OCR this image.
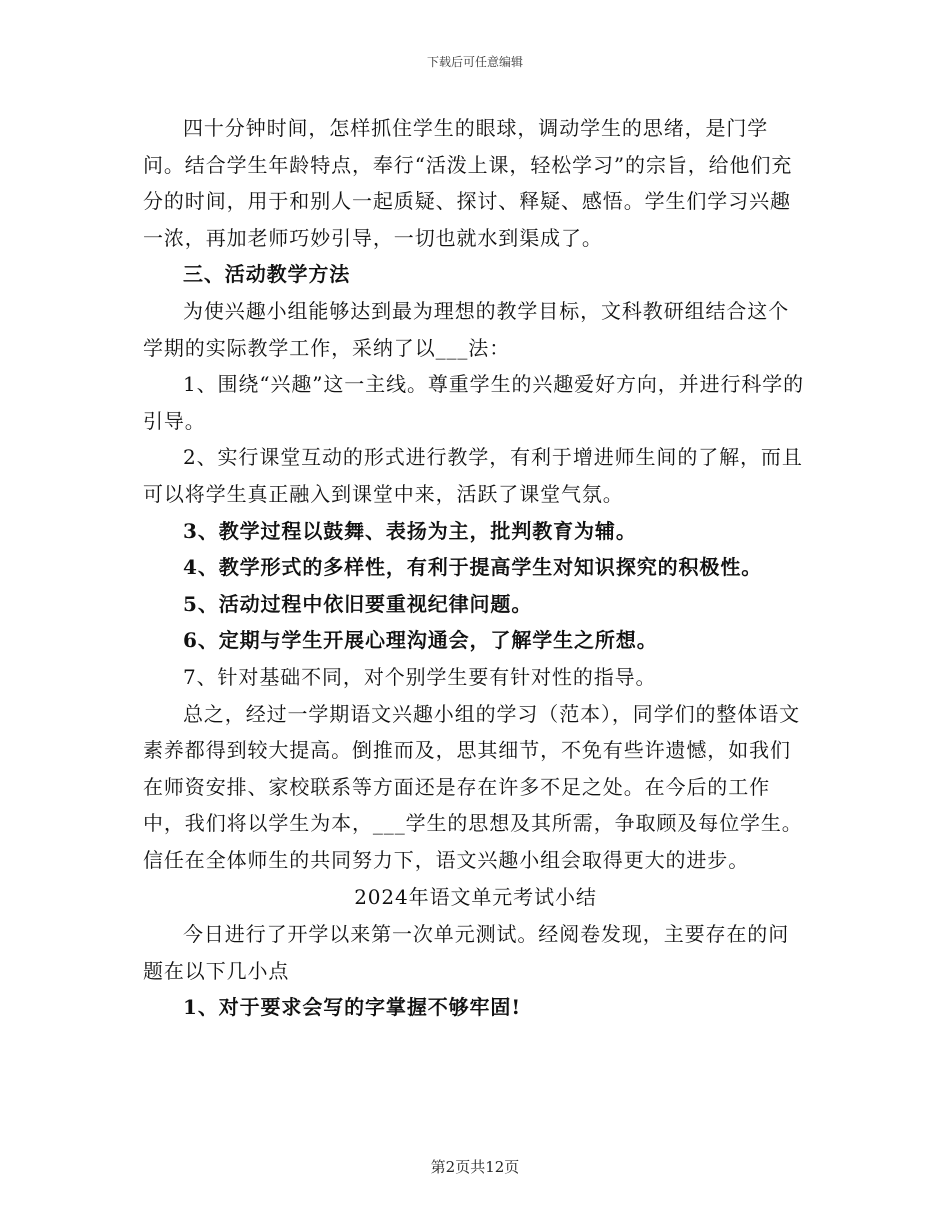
下载后可任意编辑

四十分钟时间，怎样抓住学生的眼球，调动学生的思绪，是门学问。结合学生年龄特点，奉行“活泼上课，轻松学习”的宗旨，给他们充分的时间，用于和别人一起质疑、探讨、释疑、感悟。学生们学习兴趣一浓，再加老师巧妙引导，一切也就水到渠成了。

三、活动教学方法

为使兴趣小组能够达到最为理想的教学目标，文科教研组结合这个学期的实际教学工作，采纳了以___法：

1、围绕“兴趣”这一主线。尊重学生的兴趣爱好方向，并进行科学的引导。

2、实行课堂互动的形式进行教学，有利于增进师生间的了解，而且可以将学生真正融入到课堂中来，活跃了课堂气氛。

3、教学过程以鼓舞、表扬为主，批判教育为辅。

4、教学形式的多样性，有利于提高学生对知识探究的积极性。

5、活动过程中依旧要重视纪律问题。

6、定期与学生开展心理沟通会，了解学生之所想。

7、针对基础不同，对个别学生要有针对性的指导。

总之，经过一学期语文兴趣小组的学习（范本），同学们的整体语文素养都得到较大提高。倒推而及，思其细节，不免有些许遗憾，如我们在师资安排、家校联系等方面还是存在许多不足之处。在今后的工作中，我们将以学生为本，___学生的思想及其所需，争取顾及每位学生。信任在全体师生的共同努力下，语文兴趣小组会取得更大的进步。

2024年语文单元考试小结

今日进行了开学以来第一次单元测试。经阅卷发现，主要存在的问题在以下几小点

1、对于要求会写的字掌握不够牢固!

第2页共12页
